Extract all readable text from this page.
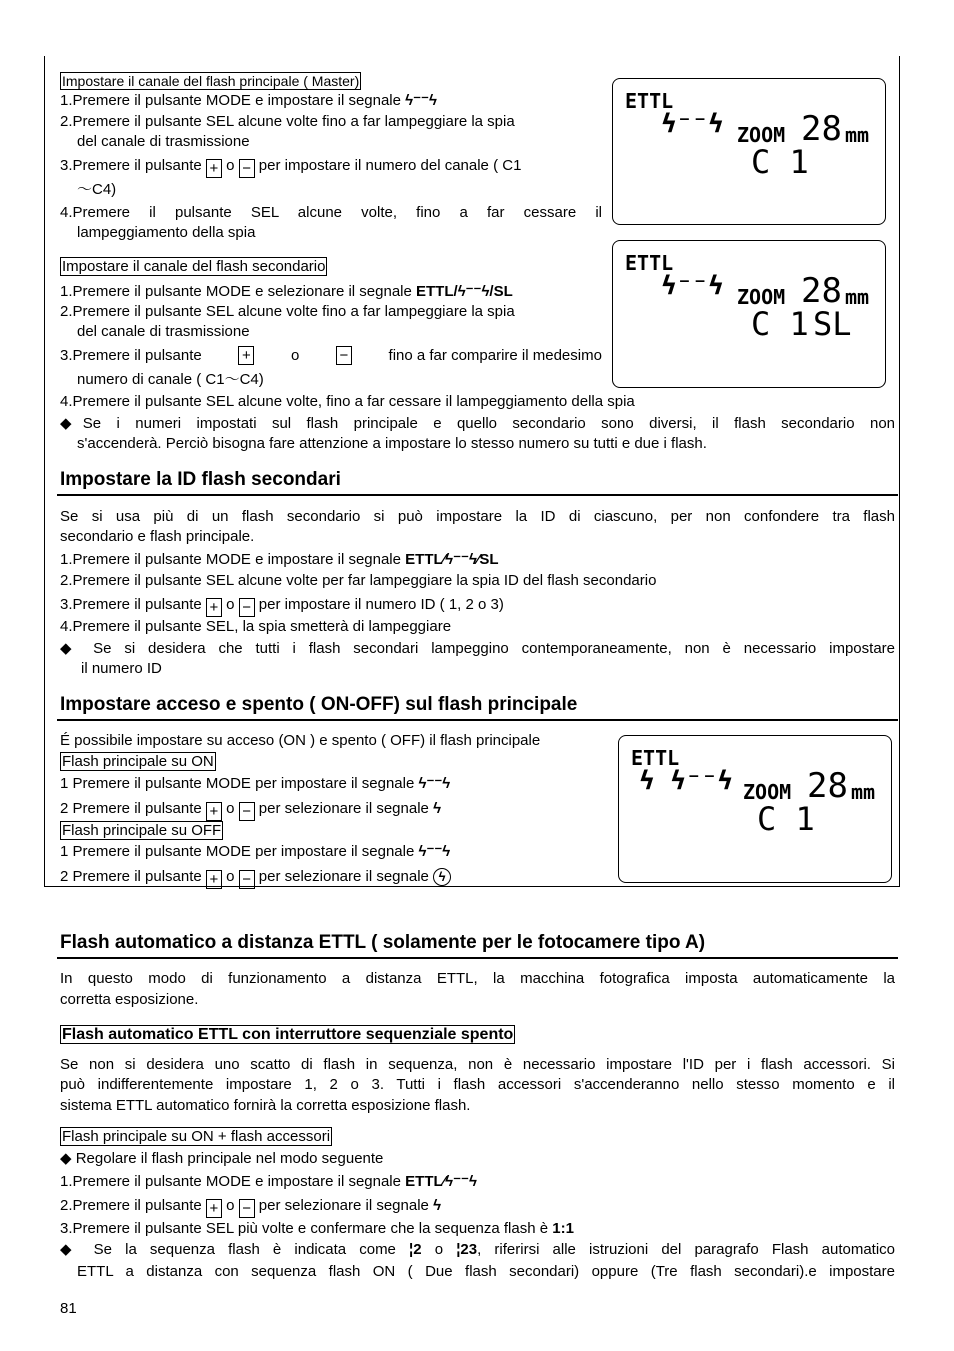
Impostare il canale del flash principale ( Master)
1.Premere il pulsante MODE e impostare il segnale ϟ⁻⁻ϟ
2.Premere il pulsante SEL alcune volte fino a far lampeggiare la spia
del canale di trasmissione
3.Premere il pulsante + o − per impostare il numero del canale ( C1
～C4)
4.Premere il pulsante SEL alcune volte, fino a far cessare il
lampeggiamento della spia
ETTL
ϟ⁻⁻ϟ ZOOM 28 mm
C 1
Impostare il canale del flash secondario
1.Premere il pulsante MODE e selezionare il segnale ETTL/ϟ⁻⁻ϟ/SL
2.Premere il pulsante SEL alcune volte fino a far lampeggiare la spia
del canale di trasmissione
3.Premere il pulsante	+	o	−	fino a far comparire il medesimo
numero di canale ( C1～C4)
4.Premere il pulsante SEL alcune volte, fino a far cessare il lampeggiamento della spia
◆Se i numeri impostati sul flash principale e quello secondario sono diversi, il flash secondario non
s'accenderà. Perciò bisogna fare attenzione a impostare lo stesso numero su tutti e due i flash.
ETTL
ϟ⁻⁻ϟ ZOOM 28 mm
C 1 SL
Impostare la ID flash secondari
Se si usa più di un flash secondario si può impostare la ID di ciascuno, per non confondere tra flash
secondario e flash principale.
1.Premere il pulsante MODE e impostare il segnale ETTL⁄ϟ⁻⁻ϟ⁄SL
2.Premere il pulsante SEL alcune volte per far lampeggiare la spia ID del flash secondario
3.Premere il pulsante + o − per impostare il numero ID ( 1, 2 o 3)
4.Premere il pulsante SEL, la spia smetterà di lampeggiare
◆ Se si desidera che tutti i flash secondari lampeggino contemporaneamente, non è necessario impostare
il numero ID
Impostare acceso e spento ( ON-OFF) sul flash principale
É possibile impostare su acceso (ON ) e spento ( OFF) il flash principale
Flash principale su ON
1 Premere il pulsante MODE per impostare il segnale ϟ⁻⁻ϟ
2 Premere il pulsante + o − per selezionare il segnale ϟ
Flash principale su OFF
1 Premere il pulsante MODE per impostare il segnale ϟ⁻⁻ϟ
2 Premere il pulsante + o − per selezionare il segnale ϟ
ETTL
ϟ ϟ⁻⁻ϟ ZOOM 28 mm
C 1
Flash automatico a distanza ETTL ( solamente per le fotocamere tipo A)
In questo modo di funzionamento a distanza ETTL, la macchina fotografica imposta automaticamente la
corretta esposizione.
Flash automatico ETTL con interruttore sequenziale spento
Se non si desidera uno scatto di flash in sequenza, non è necessario impostare l'ID per i flash accessori. Si
può indifferentemente impostare 1, 2 o 3. Tutti i flash accessori s'accenderanno nello stesso momento e il
sistema ETTL automatico fornirà la corretta esposizione flash.
Flash principale su ON + flash accessori
◆ Regolare il flash principale nel modo seguente
1.Premere il pulsante MODE e impostare il segnale ETTL⁄ϟ⁻⁻ϟ
2.Premere il pulsante + o − per selezionare il segnale ϟ
3.Premere il pulsante SEL più volte e confermare che la sequenza flash è 1:1
◆ Se la sequenza flash è indicata come ¦2 o ¦23, riferirsi alle istruzioni del paragrafo Flash automatico
ETTL a distanza con sequenza flash ON ( Due flash secondari) oppure (Tre flash secondari).e impostare
81
